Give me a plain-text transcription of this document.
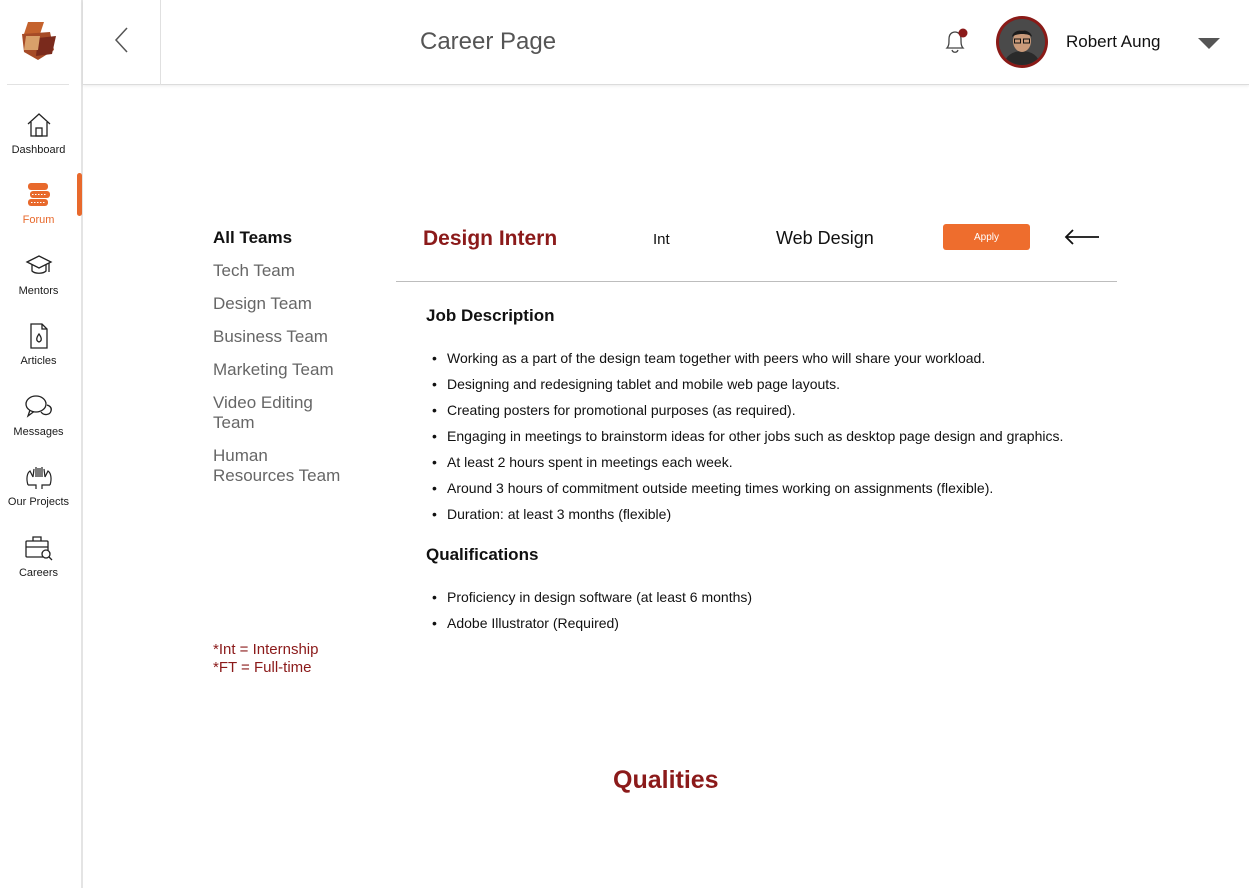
Dashboard
Forum
Mentors
Articles
Messages
Our Projects
Careers
Career Page	Robert Aung
All Teams
Tech Team
Design Team
Business Team
Marketing Team
Video Editing Team
Human Resources Team
*Int = Internship
*FT = Full-time
Design Intern	Int	Web Design	Apply
Job Description
• Working as a part of the design team together with peers who will share your workload.
• Designing and redesigning tablet and mobile web page layouts.
• Creating posters for promotional purposes (as required).
• Engaging in meetings to brainstorm ideas for other jobs such as desktop page design and graphics.
• At least 2 hours spent in meetings each week.
• Around 3 hours of commitment outside meeting times working on assignments (flexible).
• Duration: at least 3 months (flexible)
Qualifications
• Proficiency in design software (at least 6 months)
• Adobe Illustrator (Required)
Qualities
